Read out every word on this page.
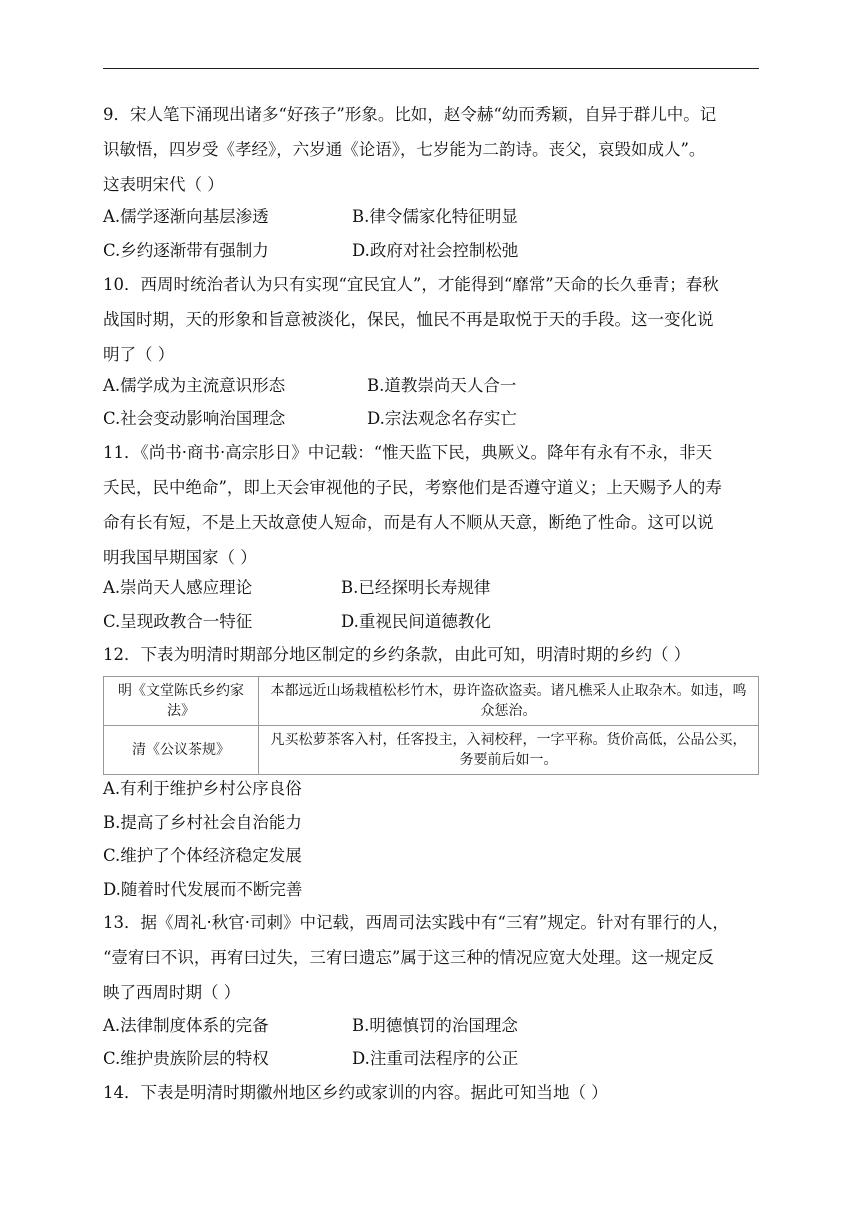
9．宋人笔下涌现出诸多“好孩子”形象。比如，赵令赫“幼而秀颖，自异于群儿中。记
识敏悟，四岁受《孝经》，六岁通《论语》，七岁能为二韵诗。丧父，哀毁如成人”。
这表明宋代（ ）
A.儒学逐渐向基层渗透	B.律令儒家化特征明显
C.乡约逐渐带有强制力	D.政府对社会控制松弛
10．西周时统治者认为只有实现“宜民宜人”，才能得到“靡常”天命的长久垂青；春秋
战国时期，天的形象和旨意被淡化，保民，恤民不再是取悦于天的手段。这一变化说
明了（ ）
A.儒学成为主流意识形态	B.道教崇尚天人合一
C.社会变动影响治国理念	D.宗法观念名存实亡
11．《尚书·商书·高宗肜日》中记载：“惟天监下民，典厥义。降年有永有不永，非天
夭民，民中绝命”，即上天会审视他的子民，考察他们是否遵守道义；上天赐予人的寿
命有长有短，不是上天故意使人短命，而是有人不顺从天意，断绝了性命。这可以说
明我国早期国家（ ）
A.崇尚天人感应理论	B.已经探明长寿规律
C.呈现政教合一特征	D.重视民间道德教化
12．下表为明清时期部分地区制定的乡约条款，由此可知，明清时期的乡约（ ）
明《文堂陈氏乡约家法》	本都远近山场栽植松杉竹木，毋许盗砍盗卖。诸凡樵采人止取杂木。如违，鸣众惩治。
清《公议茶规》	凡买松萝茶客入村，任客投主，入祠校秤，一字平称。货价高低，公品公买，务要前后如一。
A.有利于维护乡村公序良俗
B.提高了乡村社会自治能力
C.维护了个体经济稳定发展
D.随着时代发展而不断完善
13．据《周礼·秋官·司刺》中记载，西周司法实践中有“三宥”规定。针对有罪行的人，
“壹宥曰不识，再宥曰过失，三宥曰遗忘”属于这三种的情况应宽大处理。这一规定反
映了西周时期（ ）
A.法律制度体系的完备	B.明德慎罚的治国理念
C.维护贵族阶层的特权	D.注重司法程序的公正
14．下表是明清时期徽州地区乡约或家训的内容。据此可知当地（ ）
